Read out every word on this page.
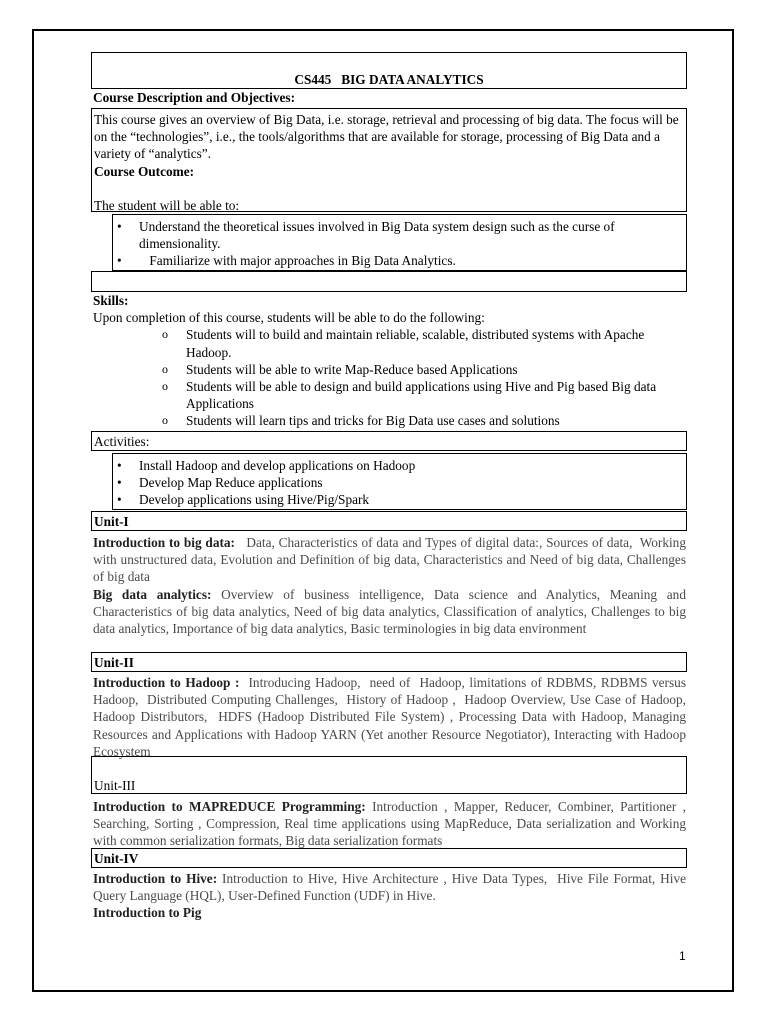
CS445   BIG DATA ANALYTICS
Course Description and Objectives:
This course gives an overview of Big Data, i.e. storage, retrieval and processing of big data. The focus will be on the “technologies”, i.e., the tools/algorithms that are available for storage, processing of Big Data and a variety of “analytics”.
Course Outcome:
The student will be able to:
• Understand the theoretical issues involved in Big Data system design such as the curse of dimensionality.
• Familiarize with major approaches in Big Data Analytics.
Skills:
Upon completion of this course, students will be able to do the following:
o Students will to build and maintain reliable, scalable, distributed systems with Apache Hadoop.
o Students will be able to write Map-Reduce based Applications
o Students will be able to design and build applications using Hive and Pig based Big data Applications
o Students will learn tips and tricks for Big Data use cases and solutions
Activities:
• Install Hadoop and develop applications on Hadoop
• Develop Map Reduce applications
• Develop applications using Hive/Pig/Spark
Unit-I
Introduction to big data:   Data, Characteristics of data and Types of digital data:, Sources of data,  Working with unstructured data, Evolution and Definition of big data, Characteristics and Need of big data, Challenges of big data
Big data analytics: Overview of business intelligence, Data science and Analytics, Meaning and Characteristics of big data analytics, Need of big data analytics, Classification of analytics, Challenges to big data analytics, Importance of big data analytics, Basic terminologies in big data environment
Unit-II
Introduction to Hadoop :  Introducing Hadoop,  need of  Hadoop, limitations of RDBMS, RDBMS versus Hadoop,  Distributed Computing Challenges,  History of Hadoop ,  Hadoop Overview, Use Case of Hadoop, Hadoop Distributors,  HDFS (Hadoop Distributed File System) , Processing Data with Hadoop, Managing Resources and Applications with Hadoop YARN (Yet another Resource Negotiator), Interacting with Hadoop Ecosystem
Unit-III
Introduction to MAPREDUCE Programming: Introduction , Mapper, Reducer, Combiner, Partitioner ,  Searching, Sorting , Compression, Real time applications using MapReduce, Data serialization and Working with common serialization formats, Big data serialization formats
Unit-IV
Introduction to Hive: Introduction to Hive, Hive Architecture , Hive Data Types,  Hive File Format, Hive Query Language (HQL), User-Defined Function (UDF) in Hive.
Introduction to Pig
1
